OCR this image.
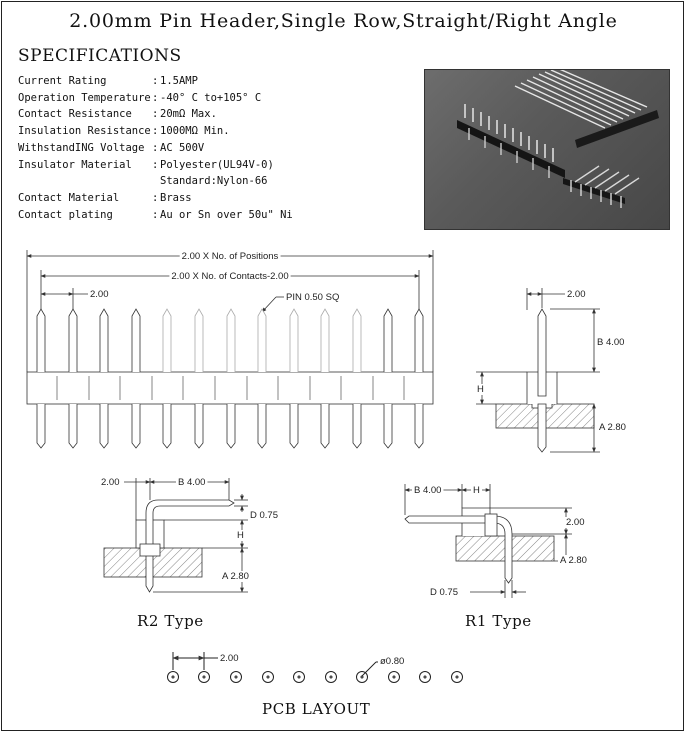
2.00mm Pin Header,Single Row,Straight/Right Angle
SPECIFICATIONS
Current Rating	: 1.5AMP
Operation Temperature : -40° C to+105° C
Contact Resistance	: 20mΩ Max.
Insulation Resistance : 1000MΩ Min.
WithstandING Voltage : AC 500V
Insulator Material	: Polyester(UL94V-0)

Standard:Nylon-66
Contact Material	: Brass
Contact plating	: Au or Sn over 50u" Ni
2.00 X No. of Positions
2.00 X No. of Contacts-2.00
2.00	PIN 0.50 SQ	2.00
B 4.00
H
A 2.80
2.00	B 4.00
D 0.75
H
A 2.80
B 4.00	H
2.00
A 2.80
D 0.75
2.00	ø0.80
R2 Type	R1 Type
PCB LAYOUT
